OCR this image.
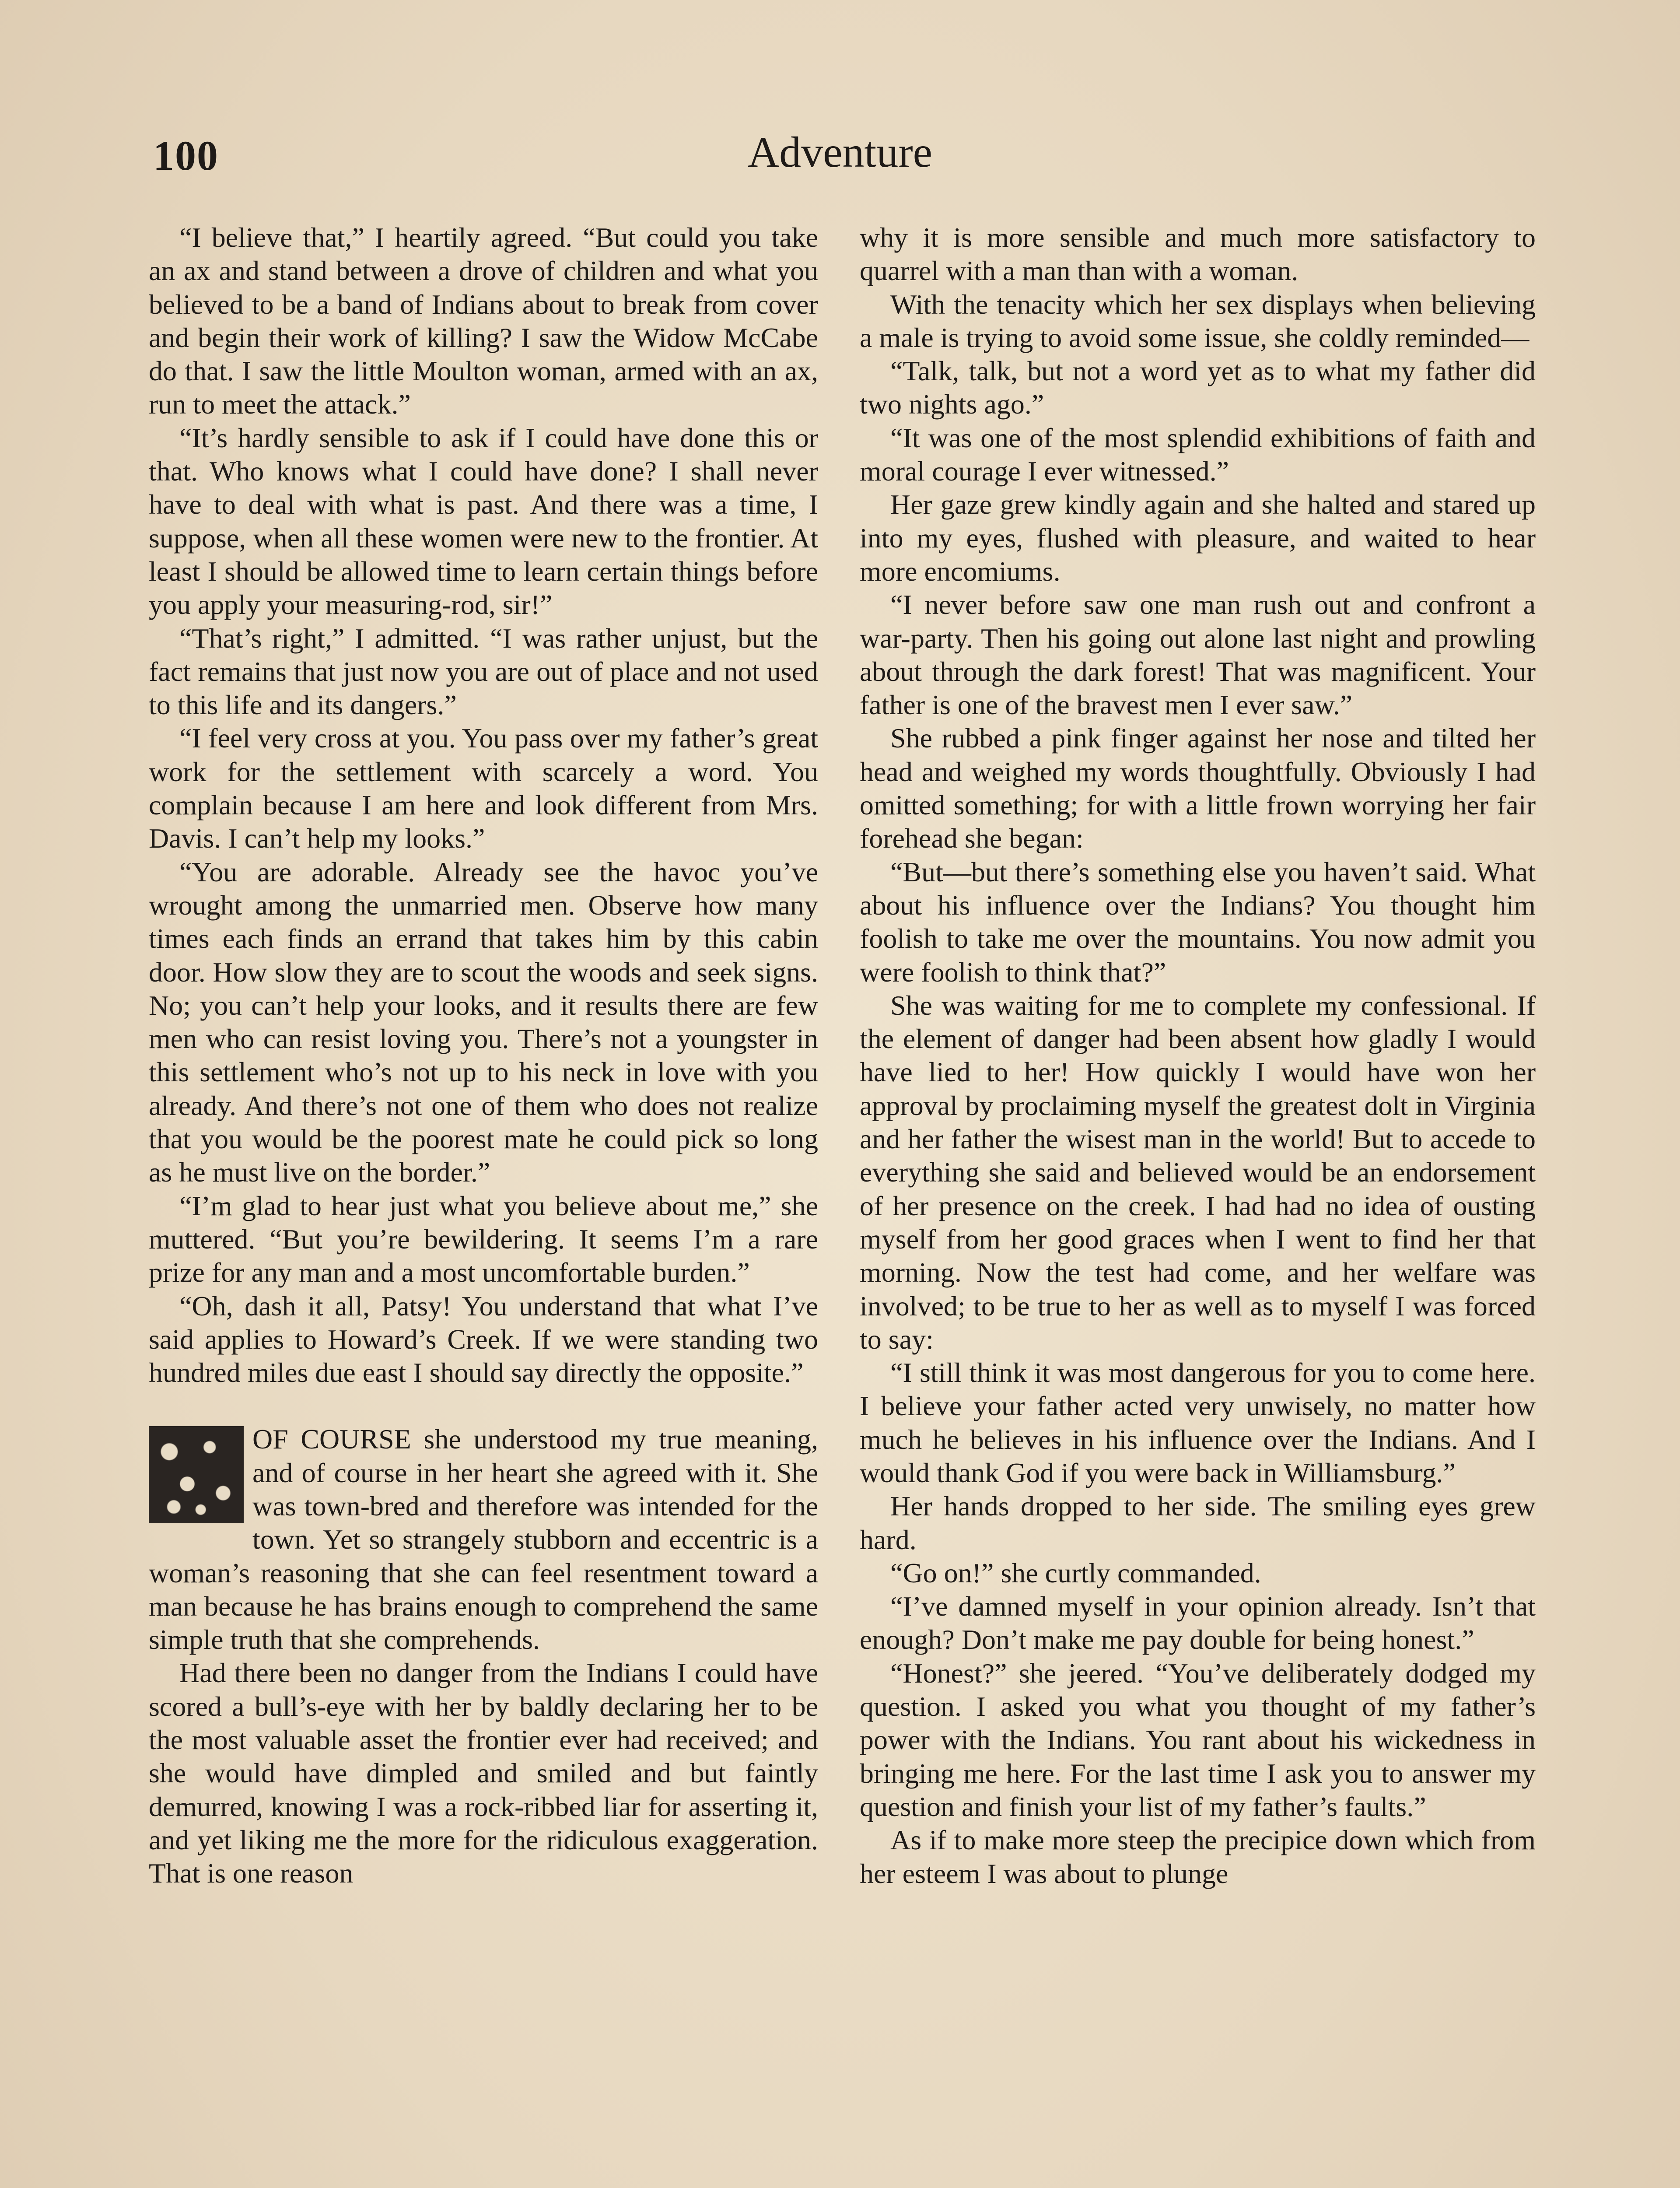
100	Adventure

“I believe that,” I heartily agreed. “But could you take an ax and stand between a drove of children and what you believed to be a band of Indians about to break from cover and begin their work of killing? I saw the Widow McCabe do that. I saw the little Moulton woman, armed with an ax, run to meet the attack.”

“It’s hardly sensible to ask if I could have done this or that. Who knows what I could have done? I shall never have to deal with what is past. And there was a time, I suppose, when all these women were new to the frontier. At least I should be allowed time to learn certain things before you apply your measuring-rod, sir!”

“That’s right,” I admitted. “I was rather unjust, but the fact remains that just now you are out of place and not used to this life and its dangers.”

“I feel very cross at you. You pass over my father’s great work for the settlement with scarcely a word. You complain because I am here and look different from Mrs. Davis. I can’t help my looks.”

“You are adorable. Already see the havoc you’ve wrought among the unmarried men. Observe how many times each finds an errand that takes him by this cabin door. How slow they are to scout the woods and seek signs. No; you can’t help your looks, and it results there are few men who can resist loving you. There’s not a youngster in this settlement who’s not up to his neck in love with you already. And there’s not one of them who does not realize that you would be the poorest mate he could pick so long as he must live on the border.”

“I’m glad to hear just what you believe about me,” she muttered. “But you’re bewildering. It seems I’m a rare prize for any man and a most uncomfortable burden.”

“Oh, dash it all, Patsy! You understand that what I’ve said applies to Howard’s Creek. If we were standing two hundred miles due east I should say directly the opposite.”

OF COURSE she understood my true meaning, and of course in her heart she agreed with it. She was town-bred and therefore was intended for the town. Yet so strangely stubborn and eccentric is a woman’s reasoning that she can feel resentment toward a man because he has brains enough to comprehend the same simple truth that she comprehends.

Had there been no danger from the Indians I could have scored a bull’s-eye with her by baldly declaring her to be the most valuable asset the frontier ever had received; and she would have dimpled and smiled and but faintly demurred, knowing I was a rock-ribbed liar for asserting it, and yet liking me the more for the ridiculous exaggeration. That is one reason

why it is more sensible and much more satisfactory to quarrel with a man than with a woman.

With the tenacity which her sex displays when believing a male is trying to avoid some issue, she coldly reminded—

“Talk, talk, but not a word yet as to what my father did two nights ago.”

“It was one of the most splendid exhibitions of faith and moral courage I ever witnessed.”

Her gaze grew kindly again and she halted and stared up into my eyes, flushed with pleasure, and waited to hear more encomiums.

“I never before saw one man rush out and confront a war-party. Then his going out alone last night and prowling about through the dark forest! That was magnificent. Your father is one of the bravest men I ever saw.”

She rubbed a pink finger against her nose and tilted her head and weighed my words thoughtfully. Obviously I had omitted something; for with a little frown worrying her fair forehead she began:

“But—but there’s something else you haven’t said. What about his influence over the Indians? You thought him foolish to take me over the mountains. You now admit you were foolish to think that?”

She was waiting for me to complete my confessional. If the element of danger had been absent how gladly I would have lied to her! How quickly I would have won her approval by proclaiming myself the greatest dolt in Virginia and her father the wisest man in the world! But to accede to everything she said and believed would be an endorsement of her presence on the creek. I had had no idea of ousting myself from her good graces when I went to find her that morning. Now the test had come, and her welfare was involved; to be true to her as well as to myself I was forced to say:

“I still think it was most dangerous for you to come here. I believe your father acted very unwisely, no matter how much he believes in his influence over the Indians. And I would thank God if you were back in Williamsburg.”

Her hands dropped to her side. The smiling eyes grew hard.

“Go on!” she curtly commanded.

“I’ve damned myself in your opinion already. Isn’t that enough? Don’t make me pay double for being honest.”

“Honest?” she jeered. “You’ve deliberately dodged my question. I asked you what you thought of my father’s power with the Indians. You rant about his wickedness in bringing me here. For the last time I ask you to answer my question and finish your list of my father’s faults.”

As if to make more steep the precipice down which from her esteem I was about to plunge
